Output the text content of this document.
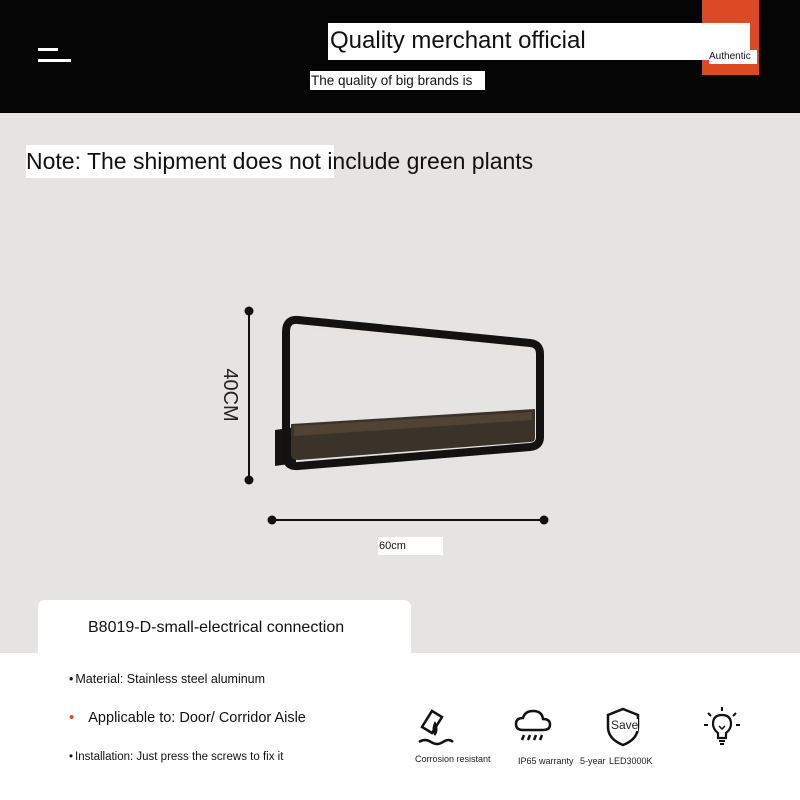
Quality merchant official
Authentic
The quality of big brands is
Note: The shipment does not include green plants
40CM
60cm
B8019-D-small-electrical connection
• Material: Stainless steel aluminum
• Applicable to: Door/ Corridor Aisle
• Installation: Just press the screws to fix it	Corrosion resistant	IP65 warranty
Save
5-year LED3000K
